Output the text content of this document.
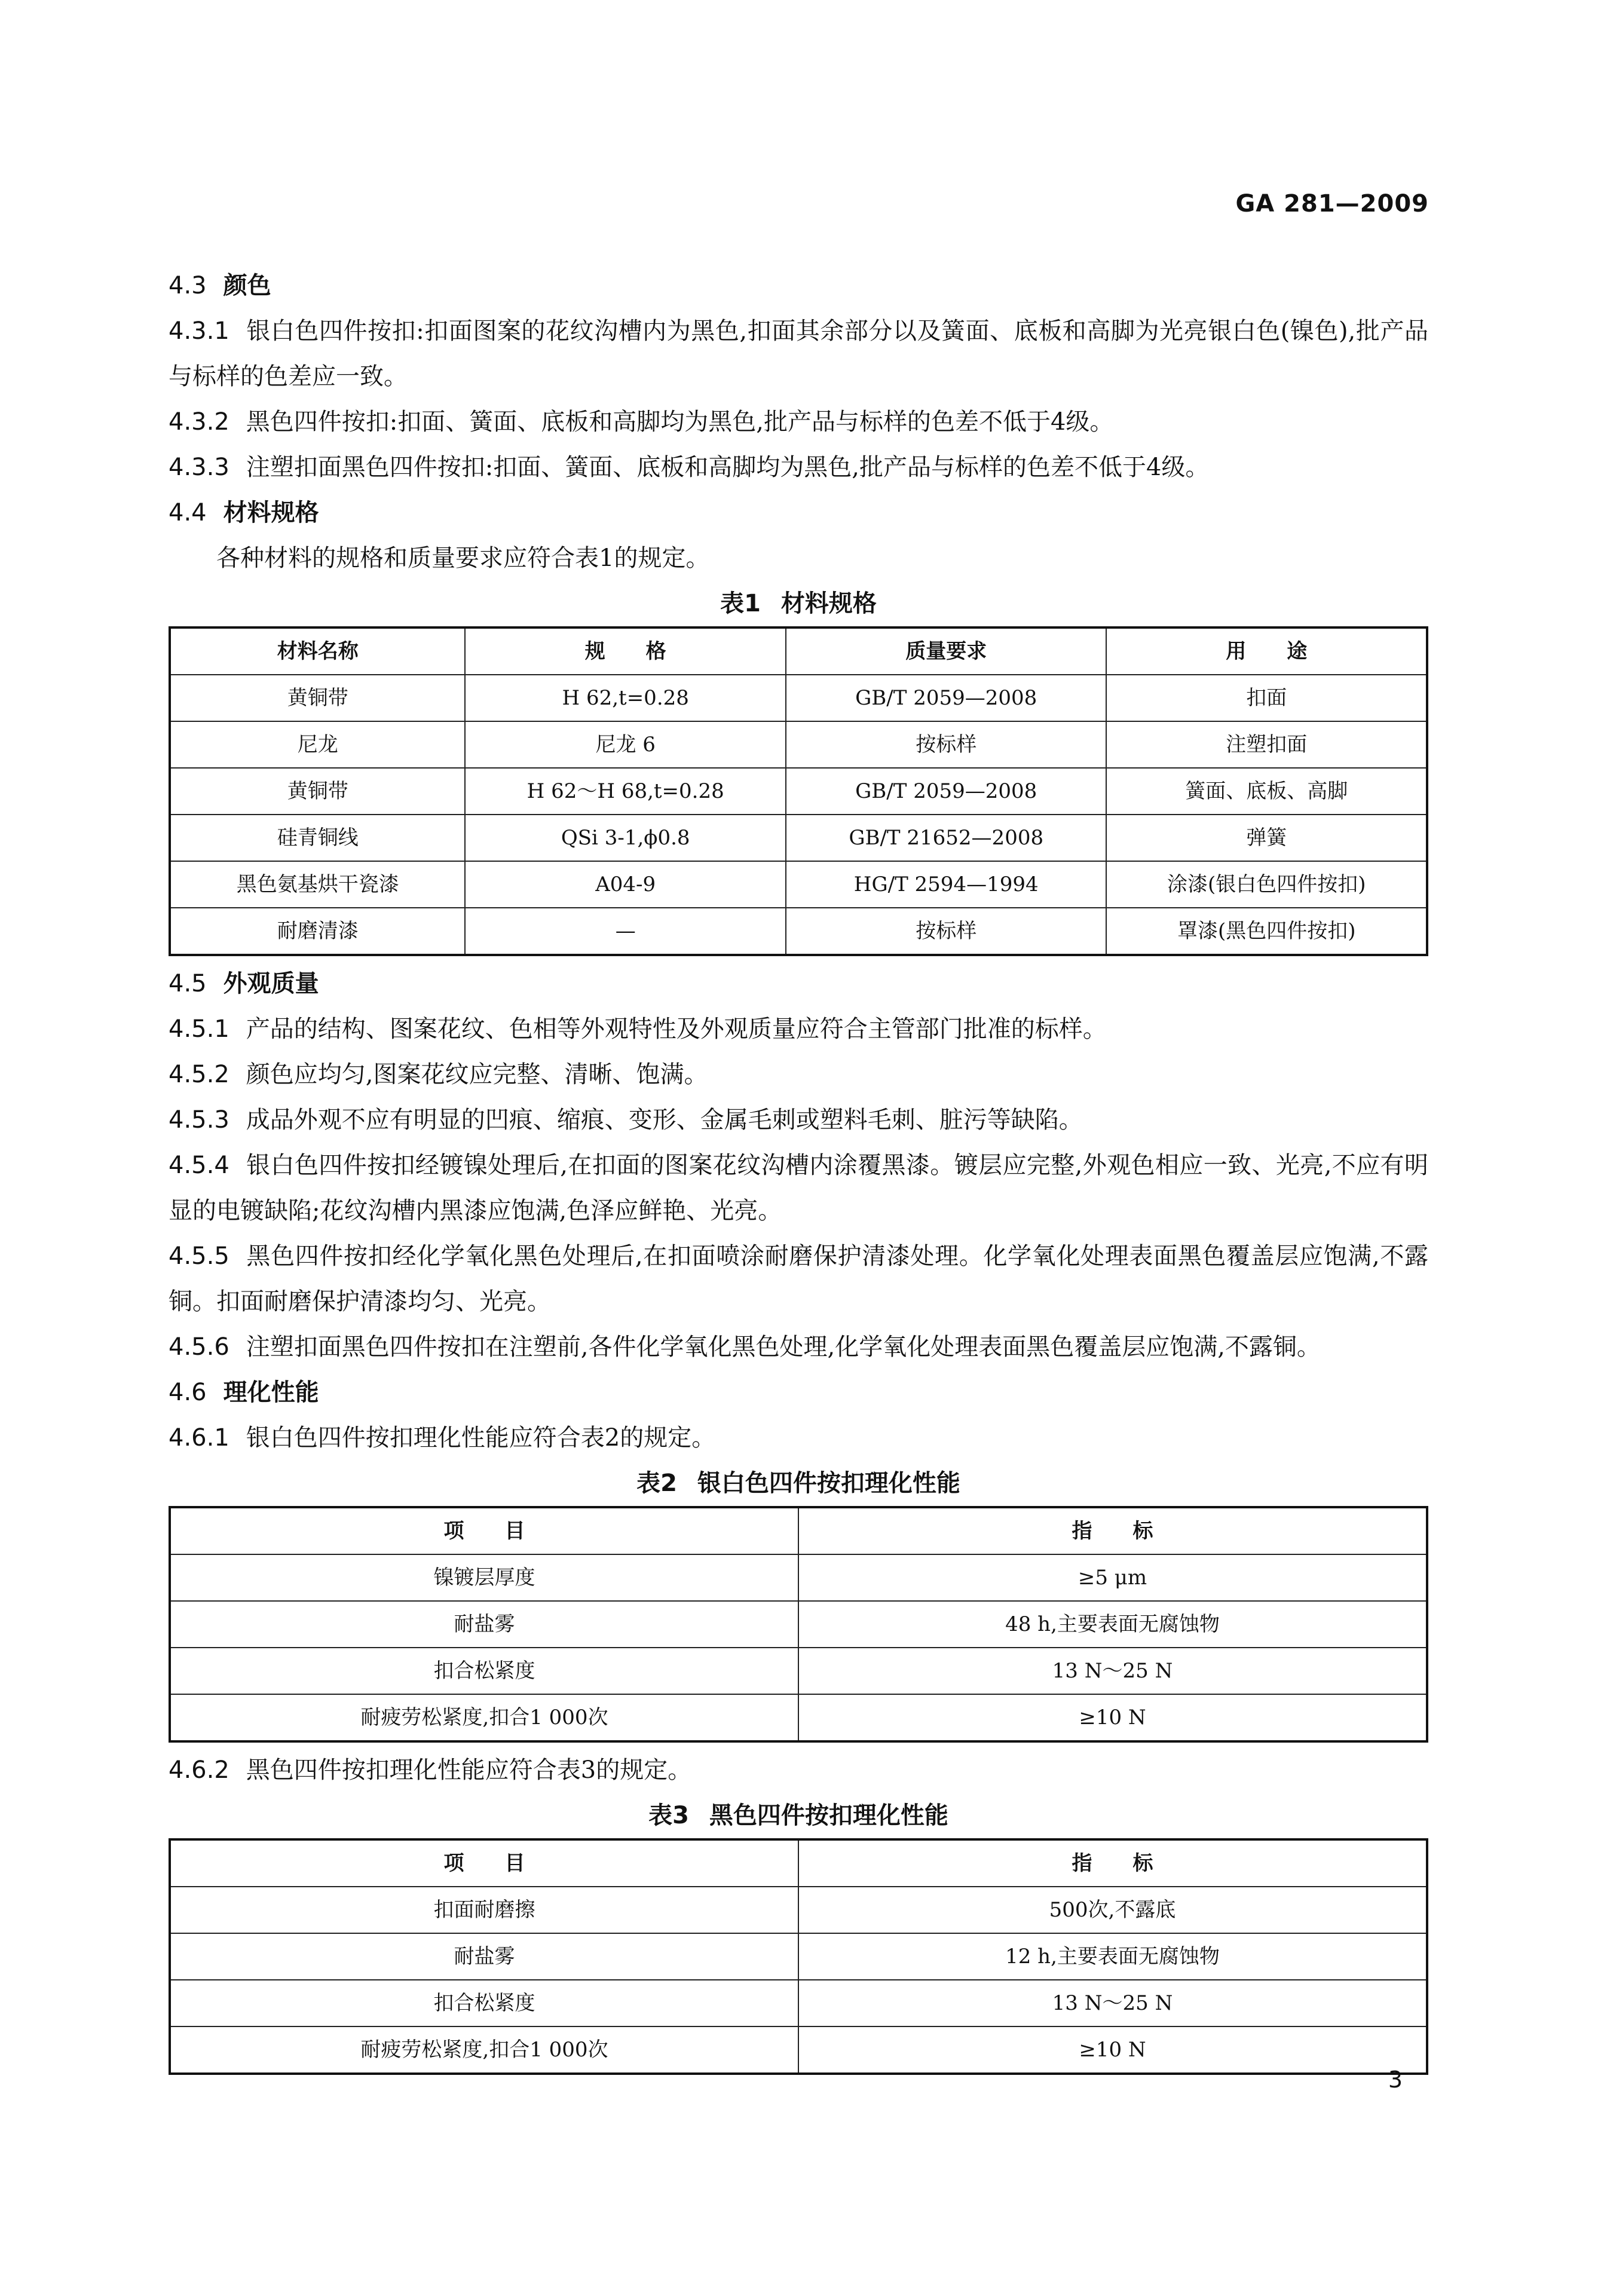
GA 281—2009

4.3 颜色

4.3.1 银白色四件按扣:扣面图案的花纹沟槽内为黑色,扣面其余部分以及簧面、底板和高脚为光亮银白色(镍色),批产品与标样的色差应一致。

4.3.2 黑色四件按扣:扣面、簧面、底板和高脚均为黑色,批产品与标样的色差不低于4级。

4.3.3 注塑扣面黑色四件按扣:扣面、簧面、底板和高脚均为黑色,批产品与标样的色差不低于4级。

4.4 材料规格

各种材料的规格和质量要求应符合表1的规定。

表1 材料规格

材料名称	规　　格	质量要求	用　　途
黄铜带	H 62,t=0.28	GB/T 2059—2008	扣面
尼龙	尼龙 6	按标样	注塑扣面
黄铜带	H 62～H 68,t=0.28	GB/T 2059—2008	簧面、底板、高脚
硅青铜线	QSi 3-1,ϕ0.8	GB/T 21652—2008	弹簧
黑色氨基烘干瓷漆	A04-9	HG/T 2594—1994	涂漆(银白色四件按扣)
耐磨清漆	—	按标样	罩漆(黑色四件按扣)

4.5 外观质量

4.5.1 产品的结构、图案花纹、色相等外观特性及外观质量应符合主管部门批准的标样。

4.5.2 颜色应均匀,图案花纹应完整、清晰、饱满。

4.5.3 成品外观不应有明显的凹痕、缩痕、变形、金属毛刺或塑料毛刺、脏污等缺陷。

4.5.4 银白色四件按扣经镀镍处理后,在扣面的图案花纹沟槽内涂覆黑漆。镀层应完整,外观色相应一致、光亮,不应有明显的电镀缺陷;花纹沟槽内黑漆应饱满,色泽应鲜艳、光亮。

4.5.5 黑色四件按扣经化学氧化黑色处理后,在扣面喷涂耐磨保护清漆处理。化学氧化处理表面黑色覆盖层应饱满,不露铜。扣面耐磨保护清漆均匀、光亮。

4.5.6 注塑扣面黑色四件按扣在注塑前,各件化学氧化黑色处理,化学氧化处理表面黑色覆盖层应饱满,不露铜。

4.6 理化性能

4.6.1 银白色四件按扣理化性能应符合表2的规定。

表2 银白色四件按扣理化性能

项　　目	指　　标
镍镀层厚度	≥5 μm
耐盐雾	48 h,主要表面无腐蚀物
扣合松紧度	13 N～25 N
耐疲劳松紧度,扣合1 000次	≥10 N

4.6.2 黑色四件按扣理化性能应符合表3的规定。

表3 黑色四件按扣理化性能

项　　目	指　　标
扣面耐磨擦	500次,不露底
耐盐雾	12 h,主要表面无腐蚀物
扣合松紧度	13 N～25 N
耐疲劳松紧度,扣合1 000次	≥10 N
3
